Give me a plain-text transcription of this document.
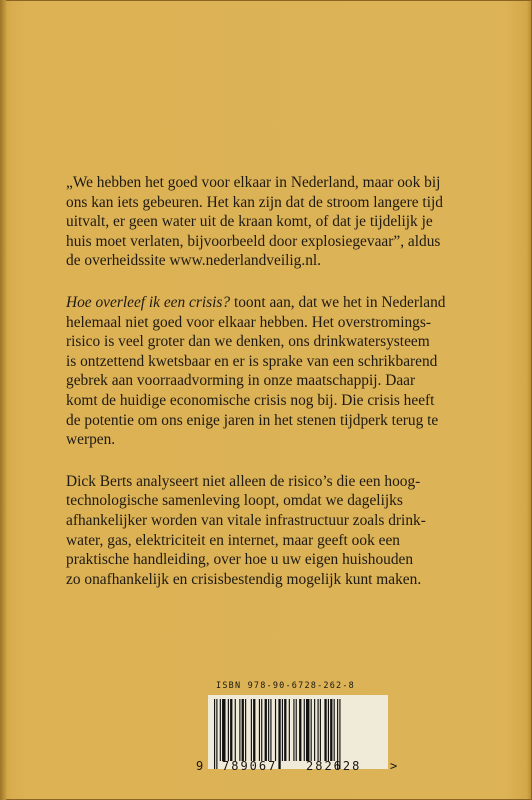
„We hebben het goed voor elkaar in Nederland, maar ook bij
ons kan iets gebeuren. Het kan zijn dat de stroom langere tijd
uitvalt, er geen water uit de kraan komt, of dat je tijdelijk je
huis moet verlaten, bijvoorbeeld door explosiegevaar”, aldus
de overheidssite www.nederlandveilig.nl.

Hoe overleef ik een crisis? toont aan, dat we het in Nederland
helemaal niet goed voor elkaar hebben. Het overstromings-
risico is veel groter dan we denken, ons drinkwatersysteem
is ontzettend kwetsbaar en er is sprake van een schrikbarend
gebrek aan voorraadvorming in onze maatschappij. Daar
komt de huidige economische crisis nog bij. Die crisis heeft
de potentie om ons enige jaren in het stenen tijdperk terug te
werpen.

Dick Berts analyseert niet alleen de risico’s die een hoog-
technologische samenleving loopt, omdat we dagelijks
afhankelijker worden van vitale infrastructuur zoals drink-
water, gas, elektriciteit en internet, maar geeft ook een
praktische handleiding, over hoe u uw eigen huishouden
zo onafhankelijk en crisisbestendig mogelijk kunt maken.

ISBN 978-90-6728-262-8
9 789067 282628 >
